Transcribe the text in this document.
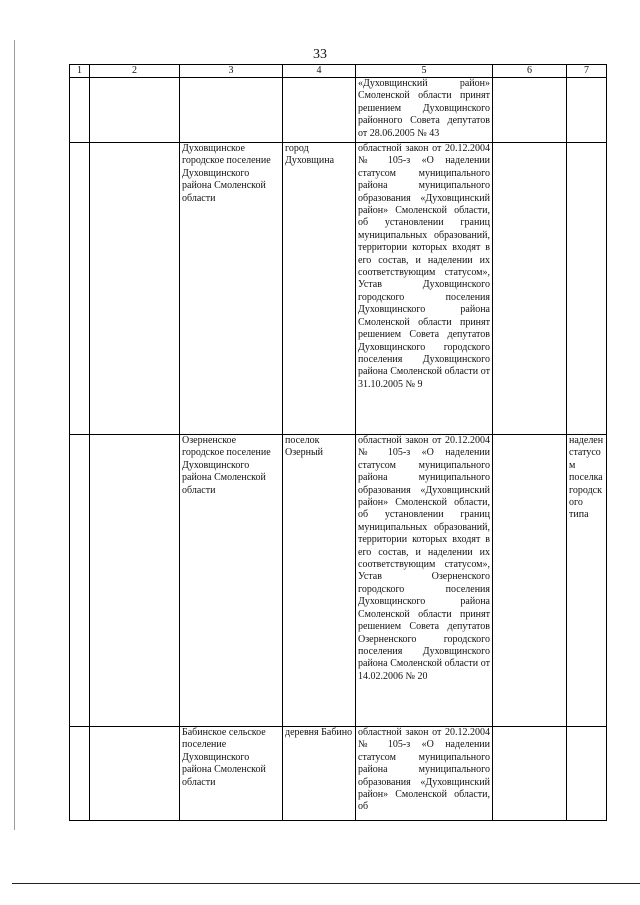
33
1	2	3	4	5	6	7
				«Духовщинский район» Смоленской области принят решением Духовщинского районного Совета депутатов от 28.06.2005 № 43		
		Духовщинское городское поселение Духовщинского района Смоленской области	город Духовщина	областной закон от 20.12.2004 № 105-з «О наделении статусом муниципального района муниципального образования «Духовщинский район» Смоленской области, об установлении границ муниципальных образований, территории которых входят в его состав, и наделении их соответствующим статусом», Устав Духовщинского городского поселения Духовщинского района Смоленской области принят решением Совета депутатов Духовщинского городского поселения Духовщинского района Смоленской области от 31.10.2005 № 9		
		Озерненское городское поселение Духовщинского района Смоленской области	поселок Озерный	областной закон от 20.12.2004 № 105-з «О наделении статусом муниципального района муниципального образования «Духовщинский район» Смоленской области, об установлении границ муниципальных образований, территории которых входят в его состав, и наделении их соответствующим статусом», Устав Озерненского городского поселения Духовщинского района Смоленской области принят решением Совета депутатов Озерненского городского поселения Духовщинского района Смоленской области от 14.02.2006 № 20		наделен статусом поселка городского типа
		Бабинское сельское поселение Духовщинского района Смоленской области	деревня Бабино	областной закон от 20.12.2004 № 105-з «О наделении статусом муниципального района муниципального образования «Духовщинский район» Смоленской области, об		
